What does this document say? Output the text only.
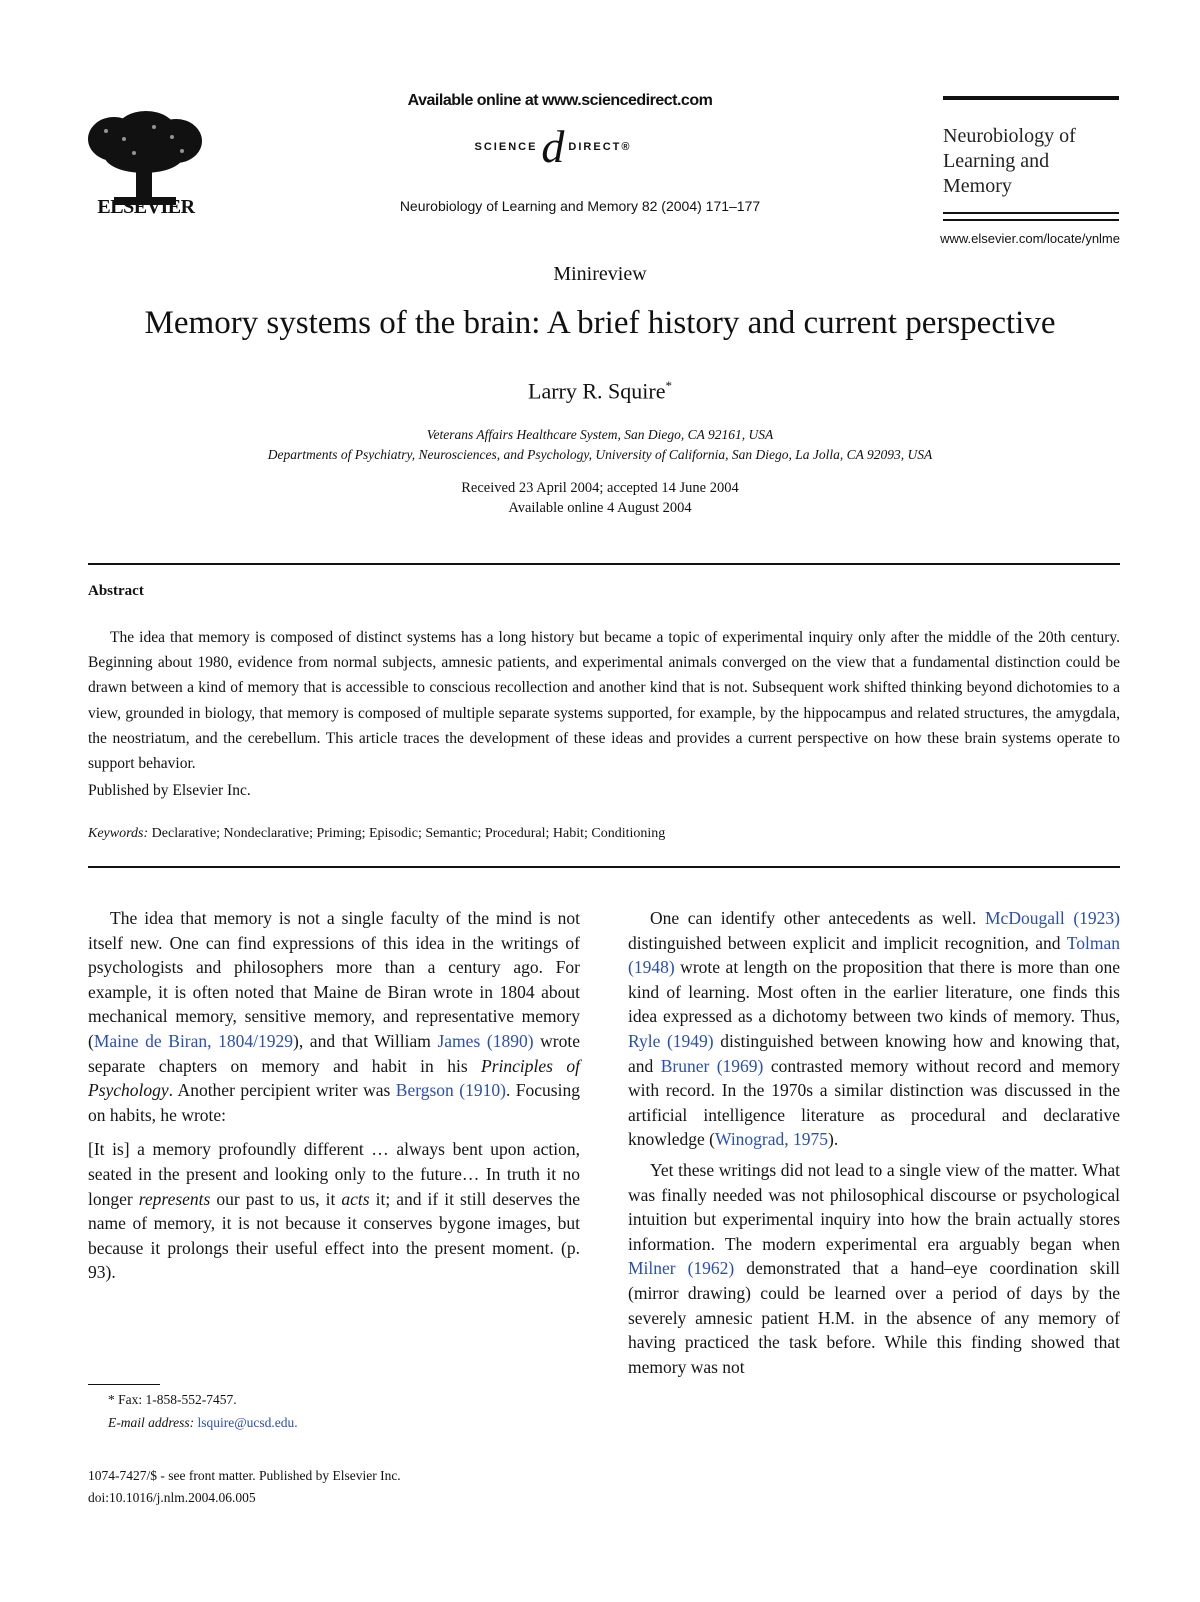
ELSEVIER
Available online at www.sciencedirect.com
SCIENCE d DIRECT®
Neurobiology of Learning and Memory 82 (2004) 171–177
Neurobiology of
Learning and Memory
www.elsevier.com/locate/ynlme
Minireview
Memory systems of the brain: A brief history and current perspective
Larry R. Squire*
Veterans Affairs Healthcare System, San Diego, CA 92161, USA
Departments of Psychiatry, Neurosciences, and Psychology, University of California, San Diego, La Jolla, CA 92093, USA
Received 23 April 2004; accepted 14 June 2004
Available online 4 August 2004
Abstract
The idea that memory is composed of distinct systems has a long history but became a topic of experimental inquiry only after the middle of the 20th century. Beginning about 1980, evidence from normal subjects, amnesic patients, and experimental animals converged on the view that a fundamental distinction could be drawn between a kind of memory that is accessible to conscious recollection and another kind that is not. Subsequent work shifted thinking beyond dichotomies to a view, grounded in biology, that memory is composed of multiple separate systems supported, for example, by the hippocampus and related structures, the amygdala, the neostriatum, and the cerebellum. This article traces the development of these ideas and provides a current perspective on how these brain systems operate to support behavior.
Published by Elsevier Inc.
Keywords: Declarative; Nondeclarative; Priming; Episodic; Semantic; Procedural; Habit; Conditioning

The idea that memory is not a single faculty of the mind is not itself new. One can find expressions of this idea in the writings of psychologists and philosophers more than a century ago. For example, it is often noted that Maine de Biran wrote in 1804 about mechanical memory, sensitive memory, and representative memory (Maine de Biran, 1804/1929), and that William James (1890) wrote separate chapters on memory and habit in his Principles of Psychology. Another percipient writer was Bergson (1910). Focusing on habits, he wrote:

[It is] a memory profoundly different … always bent upon action, seated in the present and looking only to the future… In truth it no longer represents our past to us, it acts it; and if it still deserves the name of memory, it is not because it conserves bygone images, but because it prolongs their useful effect into the present moment. (p. 93).

One can identify other antecedents as well. McDougall (1923) distinguished between explicit and implicit recognition, and Tolman (1948) wrote at length on the proposition that there is more than one kind of learning. Most often in the earlier literature, one finds this idea expressed as a dichotomy between two kinds of memory. Thus, Ryle (1949) distinguished between knowing how and knowing that, and Bruner (1969) contrasted memory without record and memory with record. In the 1970s a similar distinction was discussed in the artificial intelligence literature as procedural and declarative knowledge (Winograd, 1975).

Yet these writings did not lead to a single view of the matter. What was finally needed was not philosophical discourse or psychological intuition but experimental inquiry into how the brain actually stores information. The modern experimental era arguably began when Milner (1962) demonstrated that a hand–eye coordination skill (mirror drawing) could be learned over a period of days by the severely amnesic patient H.M. in the absence of any memory of having practiced the task before. While this finding showed that memory was not

* Fax: 1-858-552-7457.
E-mail address: lsquire@ucsd.edu.
1074-7427/$ - see front matter. Published by Elsevier Inc.
doi:10.1016/j.nlm.2004.06.005
